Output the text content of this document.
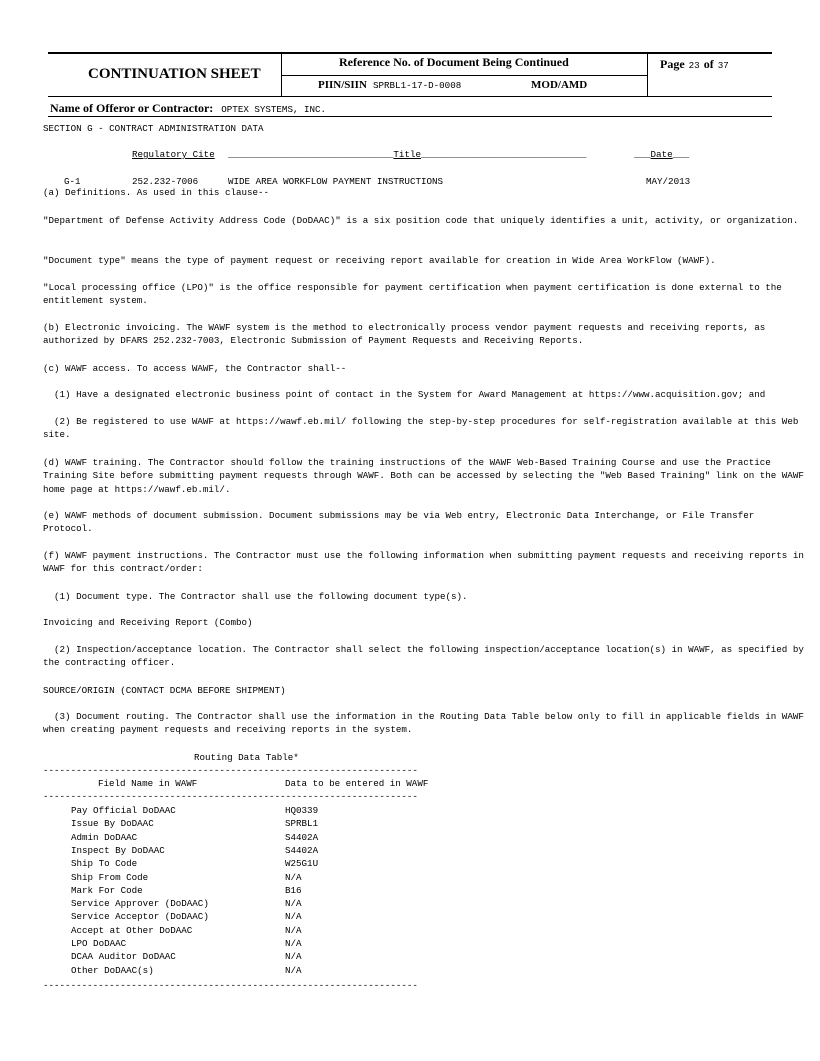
CONTINUATION SHEET
Reference No. of Document Being Continued
PIIN/SIIN SPRBL1-17-D-0008	MOD/AMD
Page 23 of 37
Name of Offeror or Contractor: OPTEX SYSTEMS, INC.
SECTION G - CONTRACT ADMINISTRATION DATA
Regulatory Cite ______________________________Title______________________________	___Date___
G-1	252.232-7006	WIDE AREA WORKFLOW PAYMENT INSTRUCTIONS	MAY/2013
(a) Definitions. As used in this clause--
"Department of Defense Activity Address Code (DoDAAC)" is a six position code that uniquely identifies a unit, activity, or organization.
"Document type" means the type of payment request or receiving report available for creation in Wide Area WorkFlow (WAWF).
"Local processing office (LPO)" is the office responsible for payment certification when payment certification is done external to the entitlement system.
(b) Electronic invoicing. The WAWF system is the method to electronically process vendor payment requests and receiving reports, as authorized by DFARS 252.232-7003, Electronic Submission of Payment Requests and Receiving Reports.
(c) WAWF access. To access WAWF, the Contractor shall--
(1) Have a designated electronic business point of contact in the System for Award Management at https://www.acquisition.gov; and
(2) Be registered to use WAWF at https://wawf.eb.mil/ following the step-by-step procedures for self-registration available at this Web site.
(d) WAWF training. The Contractor should follow the training instructions of the WAWF Web-Based Training Course and use the Practice Training Site before submitting payment requests through WAWF. Both can be accessed by selecting the "Web Based Training" link on the WAWF home page at https://wawf.eb.mil/.
(e) WAWF methods of document submission. Document submissions may be via Web entry, Electronic Data Interchange, or File Transfer Protocol.
(f) WAWF payment instructions. The Contractor must use the following information when submitting payment requests and receiving reports in WAWF for this contract/order:
(1) Document type. The Contractor shall use the following document type(s).
Invoicing and Receiving Report (Combo)
(2) Inspection/acceptance location. The Contractor shall select the following inspection/acceptance location(s) in WAWF, as specified by the contracting officer.
SOURCE/ORIGIN (CONTACT DCMA BEFORE SHIPMENT)
(3) Document routing. The Contractor shall use the information in the Routing Data Table below only to fill in applicable fields in WAWF when creating payment requests and receiving reports in the system.
Routing Data Table*
--------------------------------------------------------------------
Field Name in WAWF	Data to be entered in WAWF
--------------------------------------------------------------------
Pay Official DoDAAC	HQ0339
Issue By DoDAAC	SPRBL1
Admin DoDAAC	S4402A
Inspect By DoDAAC	S4402A
Ship To Code	W25G1U
Ship From Code	N/A
Mark For Code	B16
Service Approver (DoDAAC)	N/A
Service Acceptor (DoDAAC)	N/A
Accept at Other DoDAAC	N/A
LPO DoDAAC	N/A
DCAA Auditor DoDAAC	N/A
Other DoDAAC(s)	N/A
--------------------------------------------------------------------
